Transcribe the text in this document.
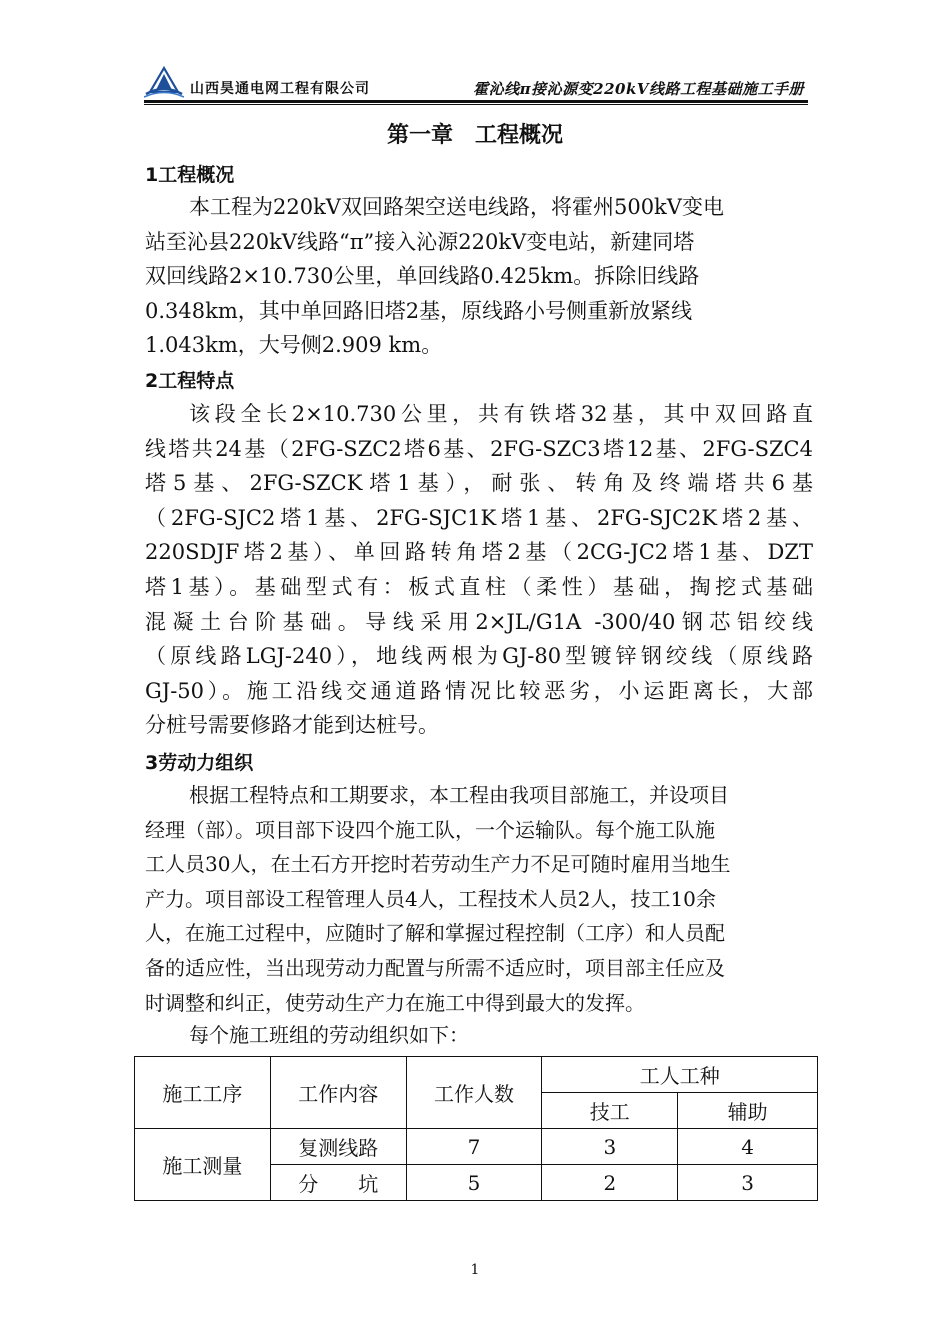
山西昊通电网工程有限公司	霍沁线π接沁源变220kV线路工程基础施工手册
第一章　工程概况
1工程概况
本工程为220kV双回路架空送电线路，将霍州500kV变电
站至沁县220kV线路“π”接入沁源220kV变电站，新建同塔
双回线路2×10.730公里，单回线路0.425km。拆除旧线路
0.348km，其中单回路旧塔2基，原线路小号侧重新放紧线
1.043km，大号侧2.909 km。
2工程特点
该段全长2×10.730公里，共有铁塔32基，其中双回路直
线塔共24基（2FG-SZC2塔6基、2FG-SZC3塔12基、2FG-SZC4
塔5基、2FG-SZCK塔1基），耐张、转角及终端塔共6基
（2FG-SJC2塔1基、2FG-SJC1K塔1基、2FG-SJC2K塔2基、
220SDJF塔2基）、单回路转角塔2基（2CG-JC2塔1基、DZT
塔1基）。基础型式有：板式直柱（柔性）基础，掏挖式基础
混凝土台阶基础。导线采用2×JL/G1A -300/40钢芯铝绞线
（原线路LGJ-240），地线两根为GJ-80型镀锌钢绞线（原线路
GJ-50）。施工沿线交通道路情况比较恶劣，小运距离长，大部
分桩号需要修路才能到达桩号。
3劳动力组织
根据工程特点和工期要求，本工程由我项目部施工，并设项目
经理（部）。项目部下设四个施工队，一个运输队。每个施工队施
工人员30人，在土石方开挖时若劳动生产力不足可随时雇用当地生
产力。项目部设工程管理人员4人，工程技术人员2人，技工10余
人，在施工过程中，应随时了解和掌握过程控制（工序）和人员配
备的适应性，当出现劳动力配置与所需不适应时，项目部主任应及
时调整和纠正，使劳动生产力在施工中得到最大的发挥。
每个施工班组的劳动组织如下：
施工工序	工作内容	工作人数	工人工种	
			技工	辅助
施工测量	复测线路	7	3	4
	分　　坑	5	2	3
1
